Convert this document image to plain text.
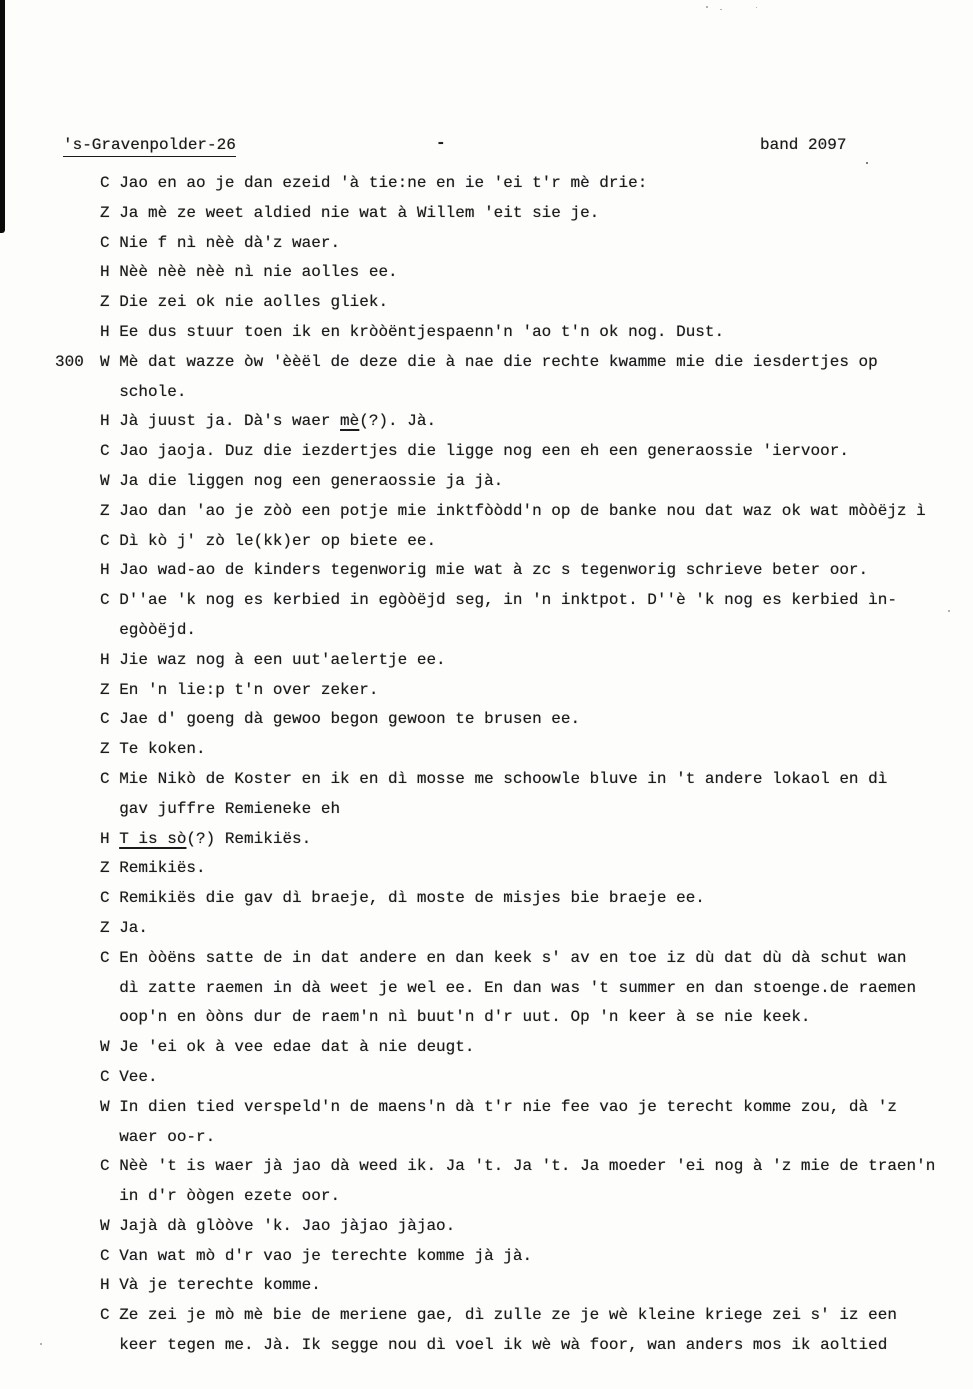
's-Gravenpolder-26	-	band 2097
C Jao en ao je dan ezeid 'à tie:ne en ie 'ei t'r mè drie:
Z Ja mè ze weet aldied nie wat à Willem 'eit sie je.
C Nie f nì nèè dà'z waer.
H Nèè nèè nèè nì nie aolles ee.
Z Die zei ok nie aolles gliek.
H Ee dus stuur toen ik en kròòëntjespaenn'n 'ao t'n ok nog. Dust.
300 W Mè dat wazze òw 'èèël de deze die à nae die rechte kwamme mie die iesdertjes op
schole.
H Jà juust ja. Dà's waer mè(?). Jà.
C Jao jaoja. Duz die iezdertjes die ligge nog een eh een generaossie 'iervoor.
W Ja die liggen nog een generaossie ja jà.
Z Jao dan 'ao je zòò een potje mie inktfòòdd'n op de banke nou dat waz ok wat mòòëjz ì
C Dì kò j' zò le(kk)er op biete ee.
H Jao wad-ao de kinders tegenworig mie wat à zc s tegenworig schrieve beter oor.
C D''ae 'k nog es kerbied in egòòëjd seg, in 'n inktpot. D''è 'k nog es kerbied ìn-
egòòëjd.
H Jie waz nog à een uut'aelertje ee.
Z En 'n lie:p t'n over zeker.
C Jae d' goeng dà gewoo begon gewoon te brusen ee.
Z Te koken.
C Mie Nikò de Koster en ik en dì mosse me schoowle bluve in 't andere lokaol en dì
gav juffre Remieneke eh
H T is sò(?) Remikiës.
Z Remikiës.
C Remikiës die gav dì braeje, dì moste de misjes bie braeje ee.
Z Ja.
C En òòëns satte de in dat andere en dan keek s' av en toe iz dù dat dù dà schut wan
dì zatte raemen in dà weet je wel ee. En dan was 't summer en dan stoenge.de raemen
oop'n en òòns dur de raem'n nì buut'n d'r uut. Op 'n keer à se nie keek.
W Je 'ei ok à vee edae dat à nie deugt.
C Vee.
W In dien tied verspeld'n de maens'n dà t'r nie fee vao je terecht komme zou, dà 'z
waer oo-r.
C Nèè 't is waer jà jao dà weed ik. Ja 't. Ja 't. Ja moeder 'ei nog à 'z mie de traen'n
in d'r òògen ezete oor.
W Jajà dà glòòve 'k. Jao jàjao jàjao.
C Van wat mò d'r vao je terechte komme jà jà.
H Và je terechte komme.
C Ze zei je mò mè bie de meriene gae, dì zulle ze je wè kleine kriege zei s' iz een
keer tegen me. Jà. Ik segge nou dì voel ik wè wà foor, wan anders mos ik aoltied
